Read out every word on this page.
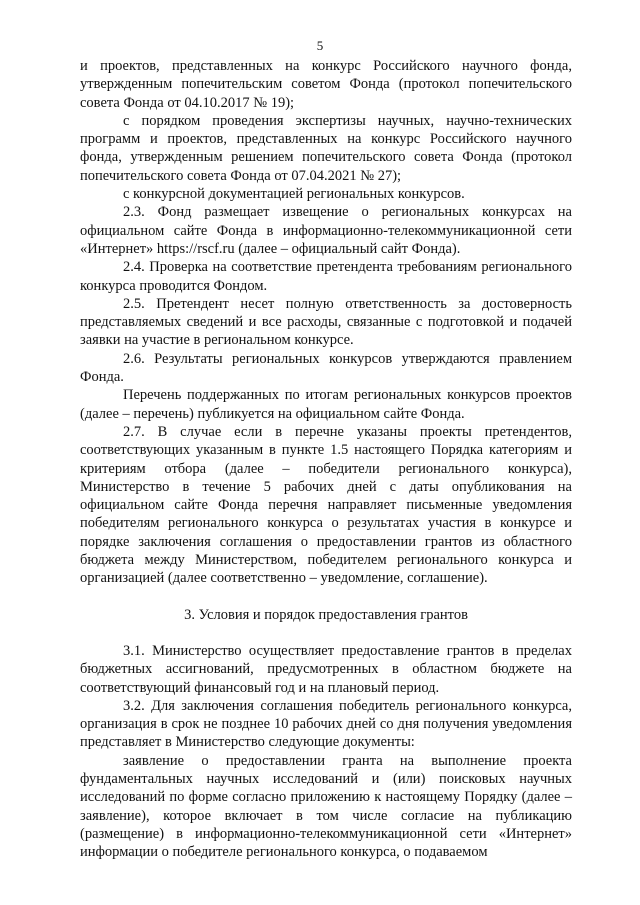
5

и проектов, представленных на конкурс Российского научного фонда, утвержденным попечительским советом Фонда (протокол попечительского совета Фонда от 04.10.2017 № 19);

с порядком проведения экспертизы научных, научно-технических программ и проектов, представленных на конкурс Российского научного фонда, утвержденным решением попечительского совета Фонда (протокол попечительского совета Фонда от 07.04.2021 № 27);

с конкурсной документацией региональных конкурсов.

2.3. Фонд размещает извещение о региональных конкурсах на официальном сайте Фонда в информационно-телекоммуникационной сети «Интернет» https://rscf.ru (далее – официальный сайт Фонда).

2.4. Проверка на соответствие претендента требованиям регионального конкурса проводится Фондом.

2.5. Претендент несет полную ответственность за достоверность представляемых сведений и все расходы, связанные с подготовкой и подачей заявки на участие в региональном конкурсе.

2.6. Результаты региональных конкурсов утверждаются правлением Фонда.

Перечень поддержанных по итогам региональных конкурсов проектов (далее – перечень) публикуется на официальном сайте Фонда.

2.7. В случае если в перечне указаны проекты претендентов, соответствующих указанным в пункте 1.5 настоящего Порядка категориям и критериям отбора (далее – победители регионального конкурса), Министерство в течение 5 рабочих дней с даты опубликования на официальном сайте Фонда перечня направляет письменные уведомления победителям регионального конкурса о результатах участия в конкурсе и порядке заключения соглашения о предоставлении грантов из областного бюджета между Министерством, победителем регионального конкурса и организацией (далее соответственно – уведомление, соглашение).

3. Условия и порядок предоставления грантов

3.1. Министерство осуществляет предоставление грантов в пределах бюджетных ассигнований, предусмотренных в областном бюджете на соответствующий финансовый год и на плановый период.

3.2. Для заключения соглашения победитель регионального конкурса, организация в срок не позднее 10 рабочих дней со дня получения уведомления представляет в Министерство следующие документы:

заявление о предоставлении гранта на выполнение проекта фундаментальных научных исследований и (или) поисковых научных исследований по форме согласно приложению к настоящему Порядку (далее – заявление), которое включает в том числе согласие на публикацию (размещение) в информационно-телекоммуникационной сети «Интернет» информации о победителе регионального конкурса, о подаваемом
